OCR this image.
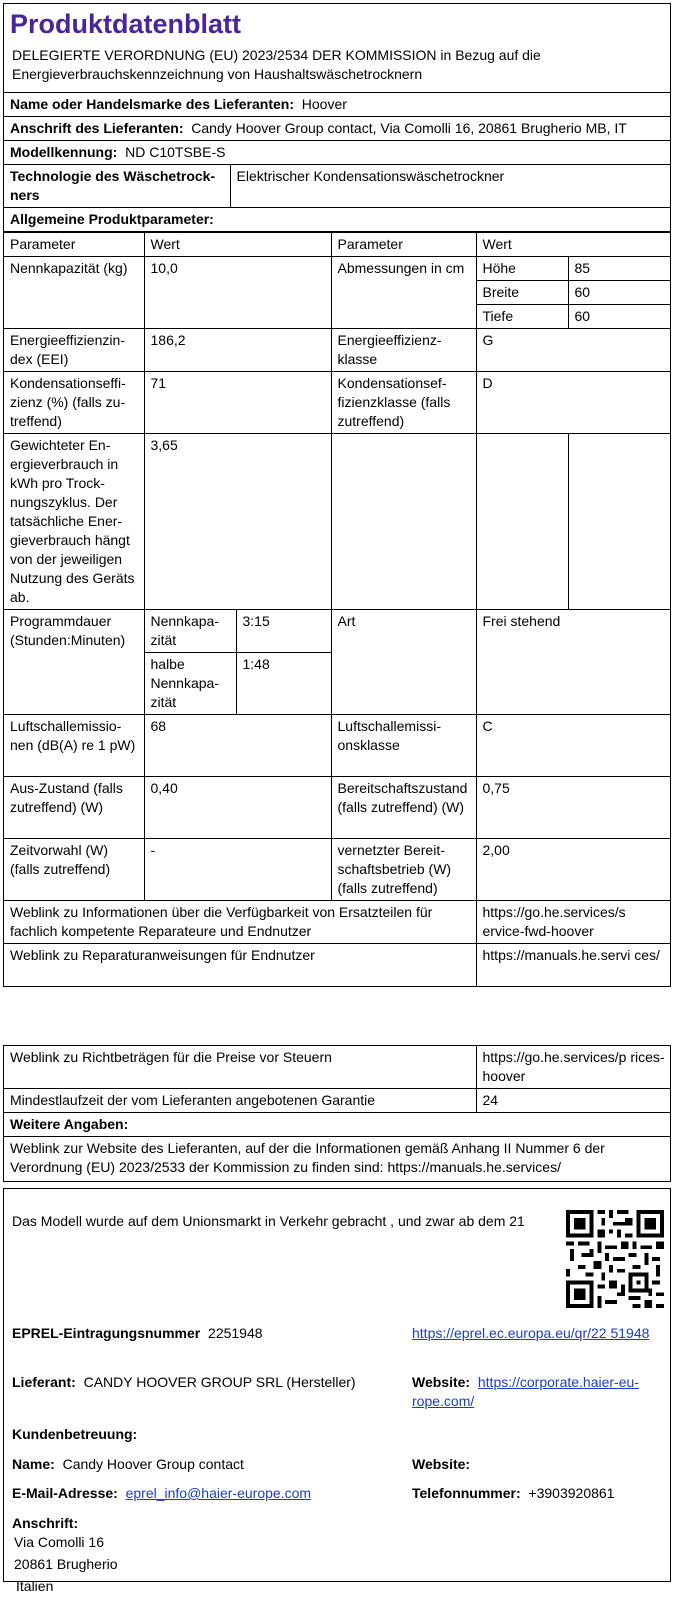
Produktdatenblatt
DELEGIERTE VERORDNUNG (EU) 2023/2534 DER KOMMISSION in Bezug auf die Energieverbrauchskennzeichnung von Haushaltswäschetrocknern
Name oder Handelsmarke des Lieferanten: Hoover
Anschrift des Lieferanten: Candy Hoover Group contact, Via Comolli 16, 20861 Brugherio MB, IT
Modellkennung: ND C10TSBE-S
Technologie des Wäschetrockners	Elektrischer Kondensationswäschetrockner
Allgemeine Produktparameter:
Parameter	Wert		Parameter	Wert	
Nennkapazität (kg)	10,0		Abmessungen in cm	Höhe	85
				Breite	60
				Tiefe	60
Energieeffizienzindex (EEI)	186,2		Energieeffizienzklasse	G	
Kondensationseffizienz (%) (falls zutreffend)	71		Kondensationseffizienzklasse (falls zutreffend)	D	
Gewichteter Energieverbrauch in kWh pro Trocknungszyklus. Der tatsächliche Energieverbrauch hängt von der jeweiligen Nutzung des Geräts ab.	3,65				
Programmdauer (Stunden:Minuten)	Nennkapazität	3:15	Art	Frei stehend	
	halbe Nennkapazität	1:48			
Luftschallemissionen (dB(A) re 1 pW)	68		Luftschallemissionsklasse	C	
Aus-Zustand (falls zutreffend) (W)	0,40		Bereitschaftszustand (falls zutreffend) (W)	0,75	
Zeitvorwahl (W) (falls zutreffend)	-		vernetzter Bereitschaftsbetrieb (W) (falls zutreffend)	2,00	
Weblink zu Informationen über die Verfügbarkeit von Ersatzteilen für fachlich kompetente Reparateure und Endnutzer				https://go.he.services/s ervice-fwd-hoover	
Weblink zu Reparaturanweisungen für Endnutzer				https://manuals.he.servi ces/	
Weblink zu Richtbeträgen für die Preise vor Steuern	https://go.he.services/p rices-hoover
Mindestlaufzeit der vom Lieferanten angebotenen Garantie	24
Weitere Angaben:	
Weblink zur Website des Lieferanten, auf der die Informationen gemäß Anhang II Nummer 6 der Verordnung (EU) 2023/2533 der Kommission zu finden sind: https://manuals.he.services/	
Das Modell wurde auf dem Unionsmarkt in Verkehr gebracht , und zwar ab dem 21
EPREL-Eintragungsnummer 2251948	https://eprel.ec.europa.eu/qr/22 51948
Lieferant: CANDY HOOVER GROUP SRL (Hersteller)	Website: https://corporate.haier-europe.com/
Kundenbetreuung:
Name: Candy Hoover Group contact	Website:
E-Mail-Adresse: eprel_info@haier-europe.com	Telefonnummer: +3903920861
Anschrift:
Via Comolli 16
20861 Brugherio
Italien
